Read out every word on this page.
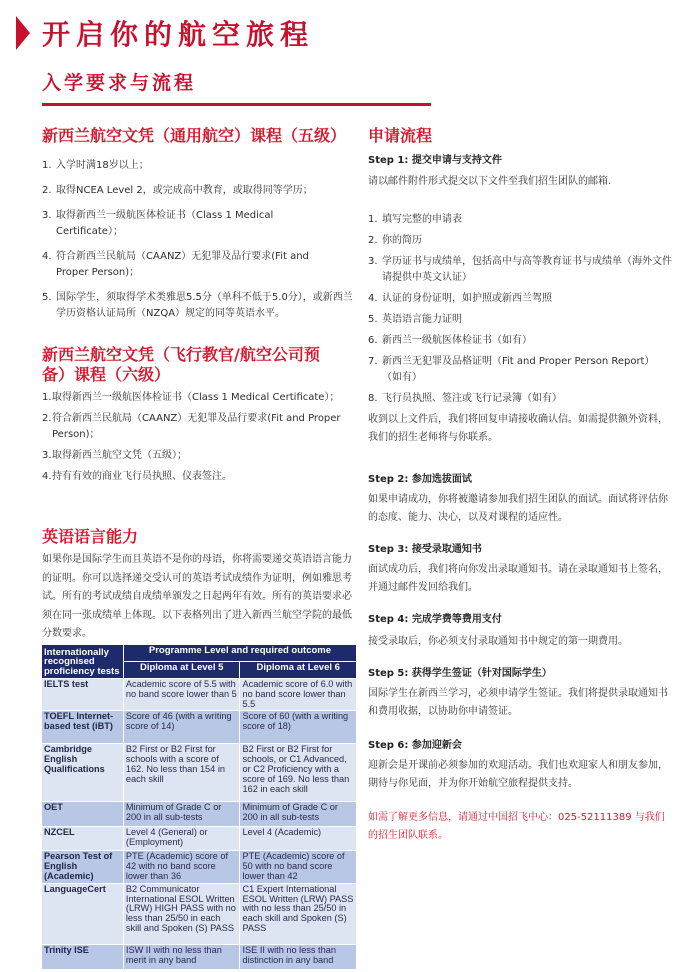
开启你的航空旅程
入学要求与流程
新西兰航空文凭（通用航空）课程（五级）
1. 入学时满18岁以上；
2. 取得NCEA Level 2，或完成高中教育，或取得同等学历；
3. 取得新西兰一级航医体检证书（Class 1 Medical Certificate）；
4. 符合新西兰民航局（CAANZ）无犯罪及品行要求(Fit and Proper Person)；
5. 国际学生，须取得学术类雅思5.5分（单科不低于5.0分），或新西兰学历资格认证局所（NZQA）规定的同等英语水平。
新西兰航空文凭（飞行教官/航空公司预备）课程（六级）
1. 取得新西兰一级航医体检证书（Class 1 Medical Certificate）；
2. 符合新西兰民航局（CAANZ）无犯罪及品行要求(Fit and Proper Person)；
3. 取得新西兰航空文凭（五级）；
4. 持有有效的商业飞行员执照、仪表签注。
英语语言能力
如果你是国际学生而且英语不是你的母语，你将需要递交英语语言能力的证明。你可以选择递交受认可的英语考试成绩作为证明，例如雅思考试。所有的考试成绩自成绩单颁发之日起两年有效。所有的英语要求必须在同一张成绩单上体现。以下表格列出了进入新西兰航空学院的最低分数要求。
Internationally recognised proficiency tests	Programme Level and required outcome	
	Diploma at Level 5	Diploma at Level 6
IELTS test	Academic score of 5.5 with no band score lower than 5	Academic score of 6.0 with no band score lower than 5.5
TOEFL Internet-based test (iBT)	Score of 46 (with a writing score of 14)	Score of 60 (with a writing score of 18)
Cambridge English Qualifications	B2 First or B2 First for schools with a score of 162. No less than 154 in each skill	B2 First or B2 First for schools, or C1 Advanced, or C2 Proficiency with a score of 169. No less than 162 in each skill
OET	Minimum of Grade C or 200 in all sub-tests	Minimum of Grade C or 200 in all sub-tests
NZCEL	Level 4 (General) or (Employment)	Level 4 (Academic)
Pearson Test of English (Academic)	PTE (Academic) score of 42 with no band score lower than 36	PTE (Academic) score of 50 with no band score lower than 42
LanguageCert	B2 Communicator International ESOL Written (LRW) HIGH PASS with no less than 25/50 in each skill and Spoken (S) PASS	C1 Expert International ESOL Written (LRW) PASS with no less than 25/50 in each skill and Spoken (S) PASS
Trinity ISE	ISW II with no less than merit in any band	ISE II with no less than distinction in any band
申请流程
Step 1: 提交申请与支持文件
请以邮件附件形式提交以下文件至我们招生团队的邮箱.
1. 填写完整的申请表
2. 你的简历
3. 学历证书与成绩单，包括高中与高等教育证书与成绩单（海外文件请提供中英文认证）
4. 认证的身份证明，如护照或新西兰驾照
5. 英语语言能力证明
6. 新西兰一级航医体检证书（如有）
7. 新西兰无犯罪及品格证明（Fit and Proper Person Report）（如有）
8. 飞行员执照、签注或飞行记录簿（如有）
收到以上文件后，我们将回复申请接收确认信。如需提供额外资料，我们的招生老师将与你联系。
Step 2: 参加选拔面试
如果申请成功，你将被邀请参加我们招生团队的面试。面试将评估你的态度、能力、决心，以及对课程的适应性。
Step 3: 接受录取通知书
面试成功后，我们将向你发出录取通知书。请在录取通知书上签名，并通过邮件发回给我们。
Step 4: 完成学费等费用支付
接受录取后，你必须支付录取通知书中规定的第一期费用。
Step 5: 获得学生签证（针对国际学生）
国际学生在新西兰学习，必须申请学生签证。我们将提供录取通知书和费用收据，以协助你申请签证。
Step 6: 参加迎新会
迎新会是开课前必须参加的欢迎活动。我们也欢迎家人和朋友参加，期待与你见面，并为你开始航空旅程提供支持。
如需了解更多信息，请通过中国招飞中心：025-52111389 与我们的招生团队联系。
